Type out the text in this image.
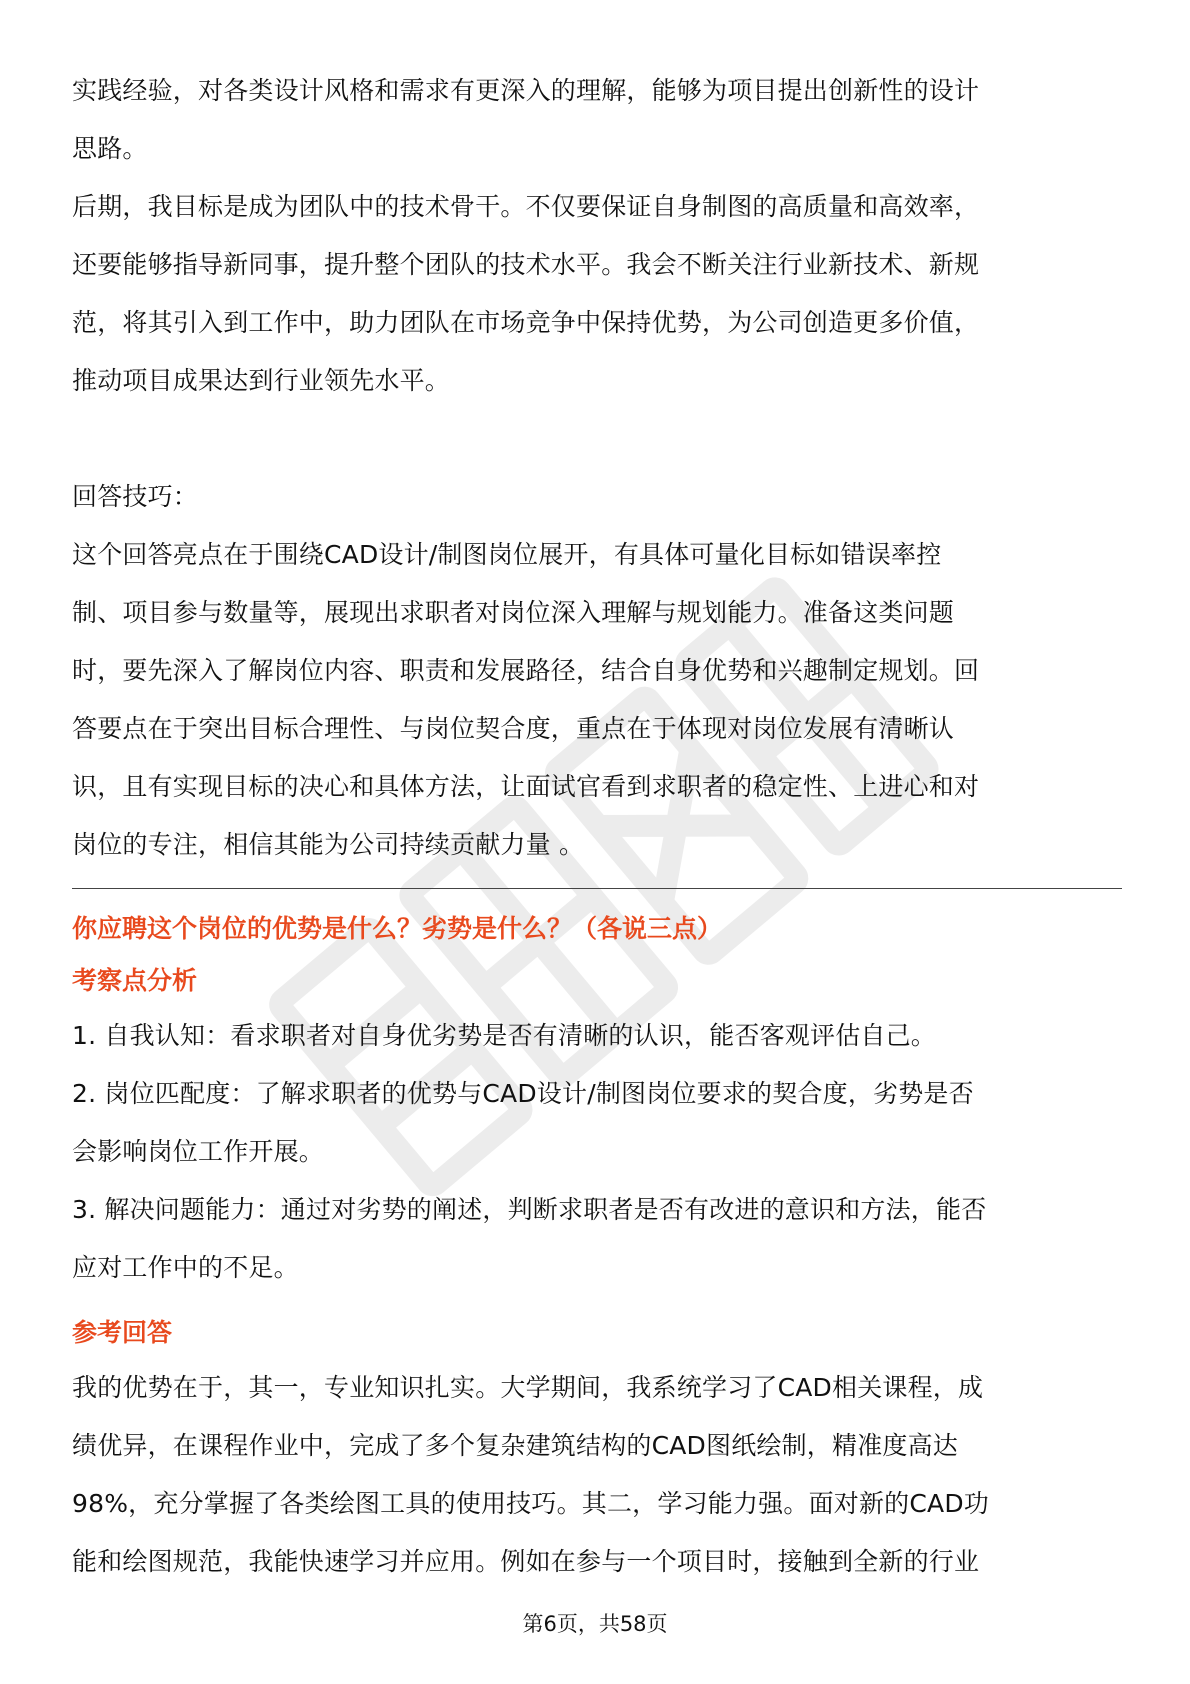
实践经验，对各类设计风格和需求有更深入的理解，能够为项目提出创新性的设计

思路。

后期，我目标是成为团队中的技术骨干。不仅要保证自身制图的高质量和高效率，

还要能够指导新同事，提升整个团队的技术水平。我会不断关注行业新技术、新规

范，将其引入到工作中，助力团队在市场竞争中保持优势，为公司创造更多价值，

推动项目成果达到行业领先水平。

回答技巧：

这个回答亮点在于围绕CAD设计/制图岗位展开，有具体可量化目标如错误率控

制、项目参与数量等，展现出求职者对岗位深入理解与规划能力。准备这类问题

时，要先深入了解岗位内容、职责和发展路径，结合自身优势和兴趣制定规划。回

答要点在于突出目标合理性、与岗位契合度，重点在于体现对岗位发展有清晰认

识，且有实现目标的决心和具体方法，让面试官看到求职者的稳定性、上进心和对

岗位的专注，相信其能为公司持续贡献力量 。

你应聘这个岗位的优势是什么？劣势是什么？（各说三点）

考察点分析

1. 自我认知：看求职者对自身优劣势是否有清晰的认识，能否客观评估自己。

2. 岗位匹配度：了解求职者的优势与CAD设计/制图岗位要求的契合度，劣势是否

会影响岗位工作开展。

3. 解决问题能力：通过对劣势的阐述，判断求职者是否有改进的意识和方法，能否

应对工作中的不足。

参考回答

我的优势在于，其一，专业知识扎实。大学期间，我系统学习了CAD相关课程，成

绩优异，在课程作业中，完成了多个复杂建筑结构的CAD图纸绘制，精准度高达

98%，充分掌握了各类绘图工具的使用技巧。其二，学习能力强。面对新的CAD功

能和绘图规范，我能快速学习并应用。例如在参与一个项目时，接触到全新的行业

第6页，共58页
